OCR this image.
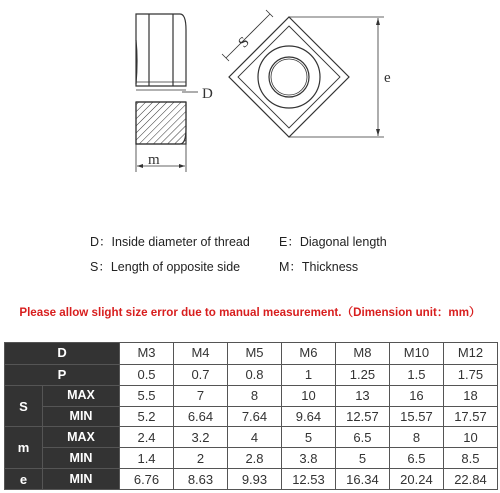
D
m
S
e
D：Inside diameter of thread E：Diagonal length
S：Length of opposite side	M：Thickness
Please allow slight size error due to manual measurement.（Dimension unit：mm）
D		M3	M4	M5	M6	M8	M10	M12
P		0.5	0.7	0.8	1	1.25	1.5	1.75
S	MAX	5.5	7	8	10	13	16	18
	MIN	5.2	6.64	7.64	9.64	12.57	15.57	17.57
m	MAX	2.4	3.2	4	5	6.5	8	10
	MIN	1.4	2	2.8	3.8	5	6.5	8.5
e	MIN	6.76	8.63	9.93	12.53	16.34	20.24	22.84
